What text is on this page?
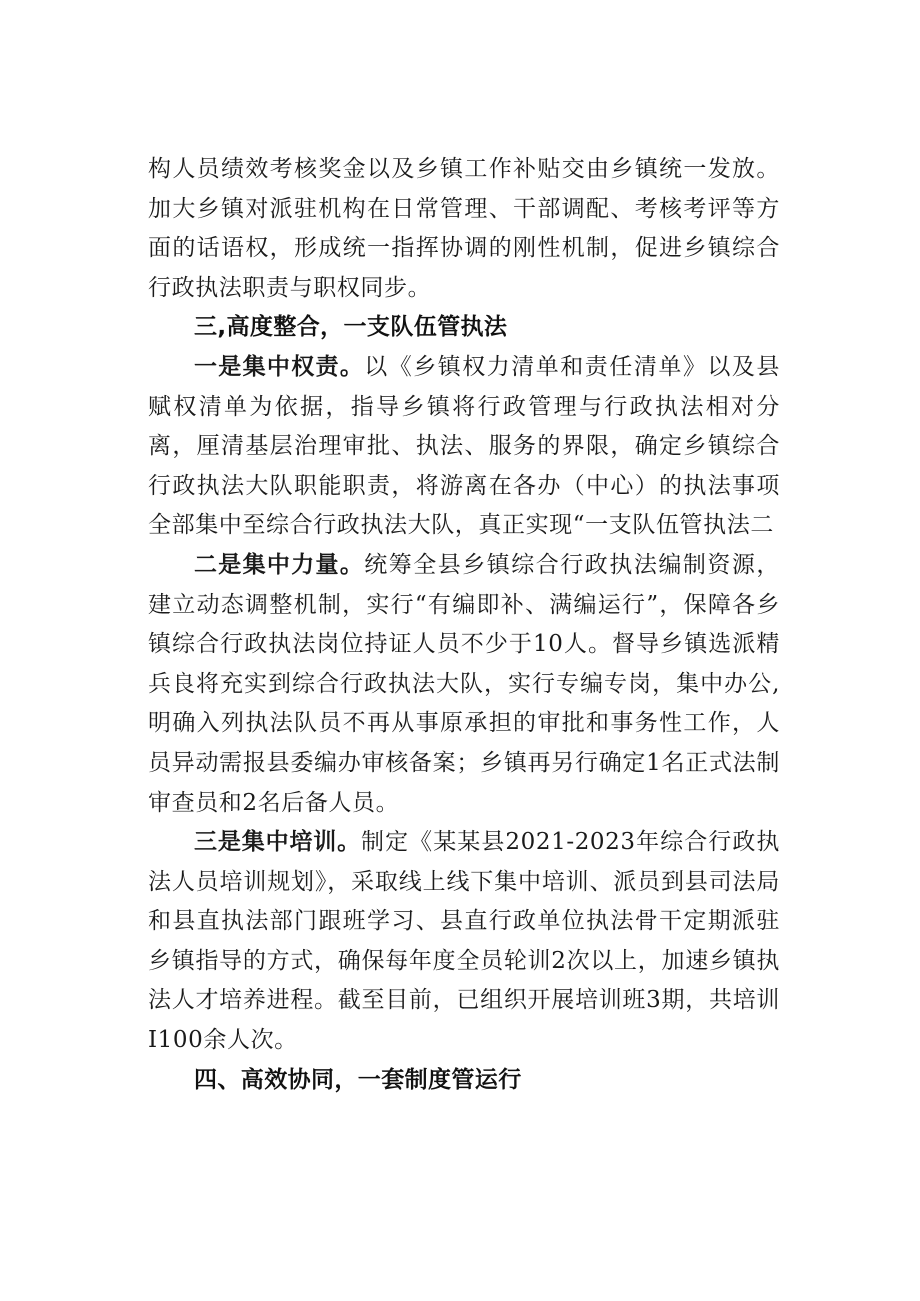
构人员绩效考核奖金以及乡镇工作补贴交由乡镇统一发放。加大乡镇对派驻机构在日常管理、干部调配、考核考评等方面的话语权，形成统一指挥协调的刚性机制，促进乡镇综合行政执法职责与职权同步。

三,高度整合，一支队伍管执法

一是集中权责。以《乡镇权力清单和责任清单》以及县赋权清单为依据，指导乡镇将行政管理与行政执法相对分离，厘清基层治理审批、执法、服务的界限，确定乡镇综合行政执法大队职能职责，将游离在各办（中心）的执法事项全部集中至综合行政执法大队，真正实现“一支队伍管执法二

二是集中力量。统筹全县乡镇综合行政执法编制资源，建立动态调整机制，实行“有编即补、满编运行”，保障各乡镇综合行政执法岗位持证人员不少于10人。督导乡镇选派精兵良将充实到综合行政执法大队，实行专编专岗，集中办公,明确入列执法队员不再从事原承担的审批和事务性工作，人员异动需报县委编办审核备案；乡镇再另行确定1名正式法制审查员和2名后备人员。

三是集中培训。制定《某某县2021-2023年综合行政执法人员培训规划》，采取线上线下集中培训、派员到县司法局和县直执法部门跟班学习、县直行政单位执法骨干定期派驻乡镇指导的方式，确保每年度全员轮训2次以上，加速乡镇执法人才培养进程。截至目前，已组织开展培训班3期，共培训I100余人次。

四、高效协同，一套制度管运行
